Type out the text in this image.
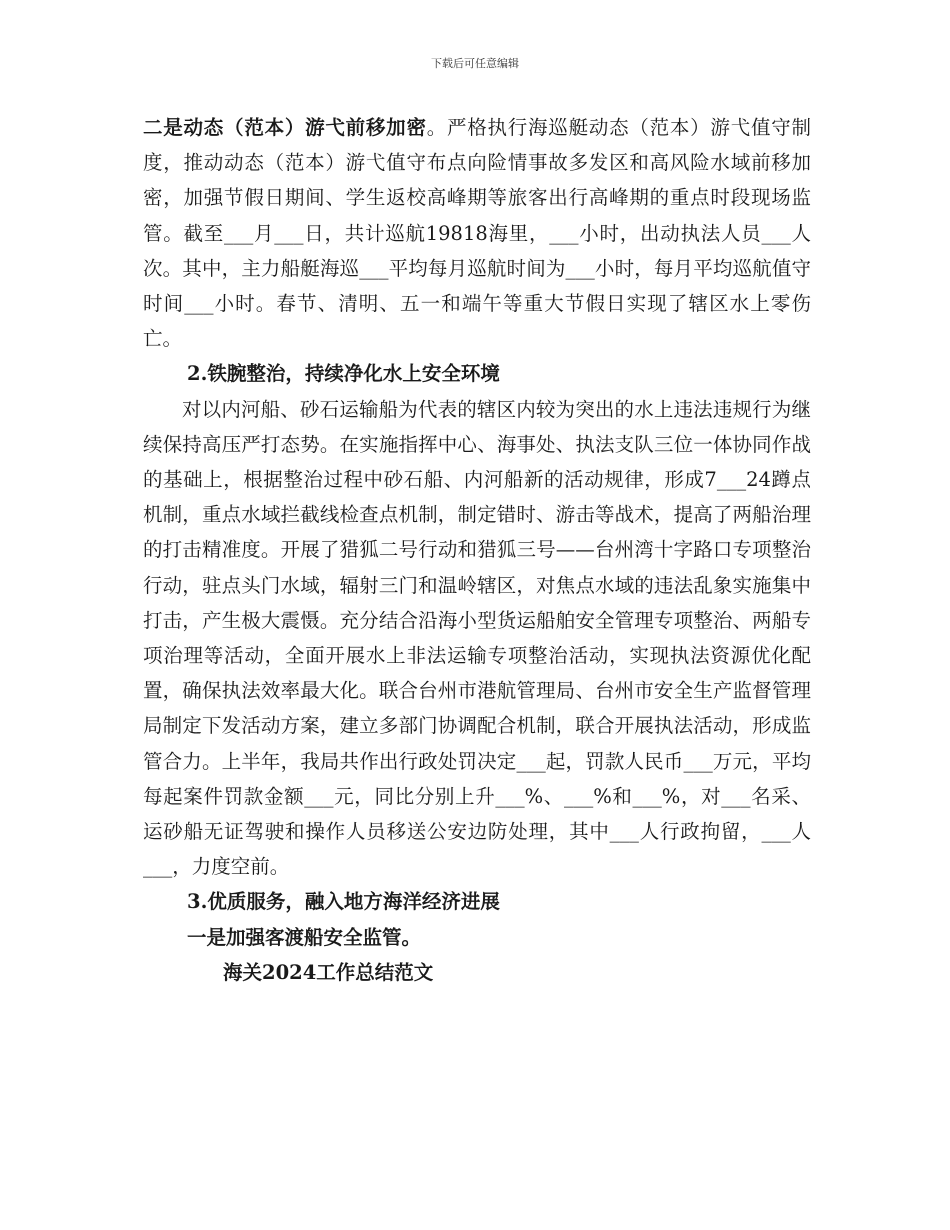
下载后可任意编辑

二是动态（范本）游弋前移加密。严格执行海巡艇动态（范本）游弋值守制度，推动动态（范本）游弋值守布点向险情事故多发区和高风险水域前移加密，加强节假日期间、学生返校高峰期等旅客出行高峰期的重点时段现场监管。截至___月___日，共计巡航19818海里，___小时，出动执法人员___人次。其中，主力船艇海巡___平均每月巡航时间为___小时，每月平均巡航值守时间___小时。春节、清明、五一和端午等重大节假日实现了辖区水上零伤亡。

2.铁腕整治，持续净化水上安全环境

对以内河船、砂石运输船为代表的辖区内较为突出的水上违法违规行为继续保持高压严打态势。在实施指挥中心、海事处、执法支队三位一体协同作战的基础上，根据整治过程中砂石船、内河船新的活动规律，形成7___24蹲点机制，重点水域拦截线检查点机制，制定错时、游击等战术，提高了两船治理的打击精准度。开展了猎狐二号行动和猎狐三号——台州湾十字路口专项整治行动，驻点头门水域，辐射三门和温岭辖区，对焦点水域的违法乱象实施集中打击，产生极大震慑。充分结合沿海小型货运船舶安全管理专项整治、两船专项治理等活动，全面开展水上非法运输专项整治活动，实现执法资源优化配置，确保执法效率最大化。联合台州市港航管理局、台州市安全生产监督管理局制定下发活动方案，建立多部门协调配合机制，联合开展执法活动，形成监管合力。上半年，我局共作出行政处罚决定___起，罚款人民币___万元，平均每起案件罚款金额___元，同比分别上升___%、___%和___%，对___名采、运砂船无证驾驶和操作人员移送公安边防处理，其中___人行政拘留，___人___，力度空前。

3.优质服务，融入地方海洋经济进展

一是加强客渡船安全监管。

海关2024工作总结范文
